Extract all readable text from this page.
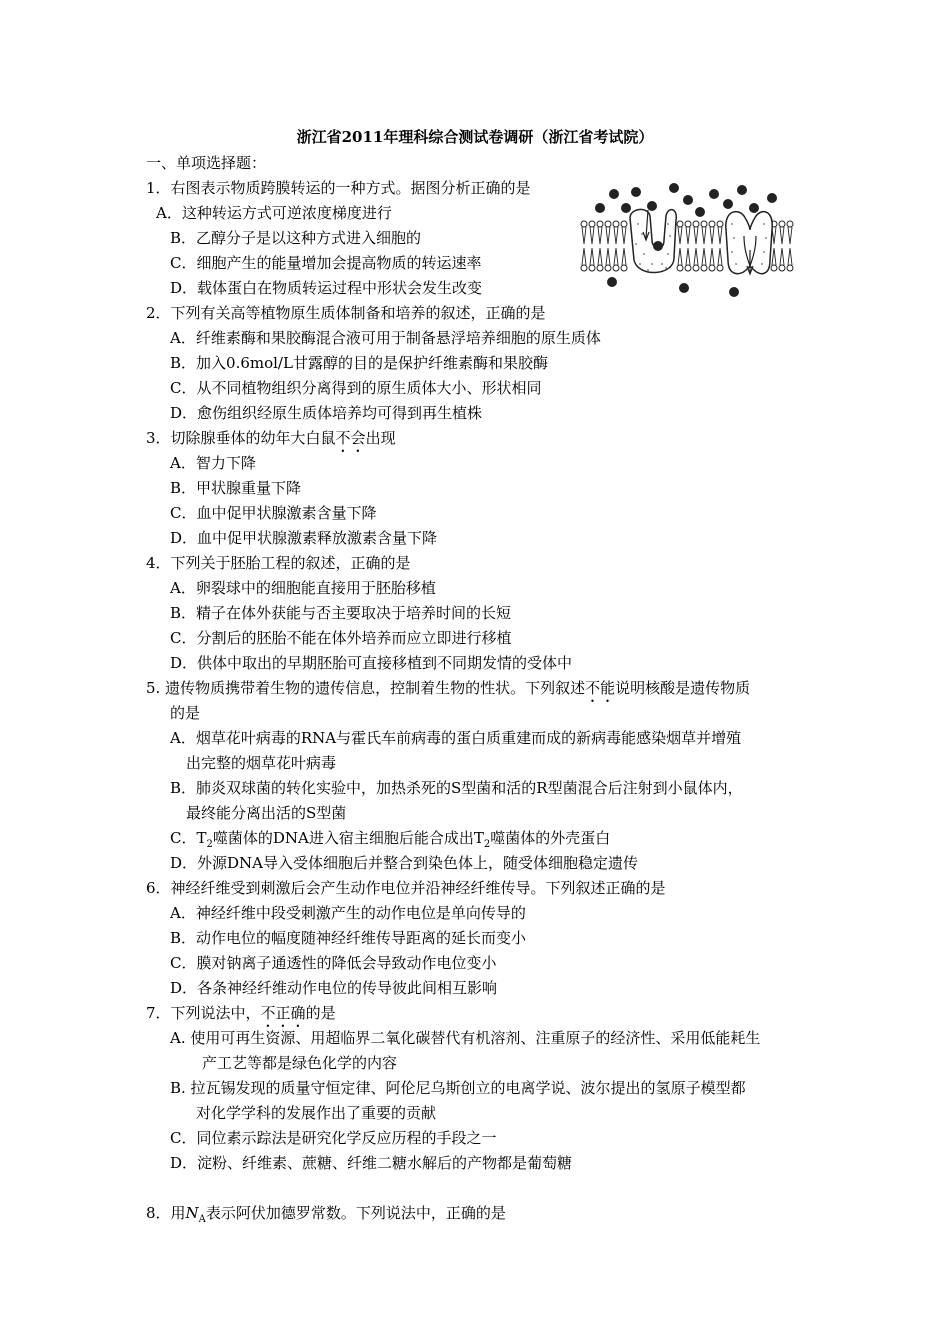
浙江省2011年理科综合测试卷调研（浙江省考试院）
一、单项选择题：
1．右图表示物质跨膜转运的一种方式。据图分析正确的是
A．这种转运方式可逆浓度梯度进行
B．乙醇分子是以这种方式进入细胞的
C．细胞产生的能量增加会提高物质的转运速率
D．载体蛋白在物质转运过程中形状会发生改变
2．下列有关高等植物原生质体制备和培养的叙述，正确的是
A．纤维素酶和果胶酶混合液可用于制备悬浮培养细胞的原生质体
B．加入0.6mol/L甘露醇的目的是保护纤维素酶和果胶酶
C．从不同植物组织分离得到的原生质体大小、形状相同
D．愈伤组织经原生质体培养均可得到再生植株
3．切除腺垂体的幼年大白鼠不会出现
A．智力下降
B．甲状腺重量下降
C．血中促甲状腺激素含量下降
D．血中促甲状腺激素释放激素含量下降
4．下列关于胚胎工程的叙述，正确的是
A．卵裂球中的细胞能直接用于胚胎移植
B．精子在体外获能与否主要取决于培养时间的长短
C．分割后的胚胎不能在体外培养而应立即进行移植
D．供体中取出的早期胚胎可直接移植到不同期发情的受体中
5. 遗传物质携带着生物的遗传信息，控制着生物的性状。下列叙述不能说明核酸是遗传物质
的是
A．烟草花叶病毒的RNA与霍氏车前病毒的蛋白质重建而成的新病毒能感染烟草并增殖
出完整的烟草花叶病毒
B．肺炎双球菌的转化实验中，加热杀死的S型菌和活的R型菌混合后注射到小鼠体内，
最终能分离出活的S型菌
C．$T_2$噬菌体的DNA进入宿主细胞后能合成出$T_2$噬菌体的外壳蛋白
D．外源DNA导入受体细胞后并整合到染色体上，随受体细胞稳定遗传
6．神经纤维受到刺激后会产生动作电位并沿神经纤维传导。下列叙述正确的是
A．神经纤维中段受刺激产生的动作电位是单向传导的
B．动作电位的幅度随神经纤维传导距离的延长而变小
C．膜对钠离子通透性的降低会导致动作电位变小
D．各条神经纤维动作电位的传导彼此间相互影响
7．下列说法中，不正确的是
A. 使用可再生资源、用超临界二氧化碳替代有机溶剂、注重原子的经济性、采用低能耗生
产工艺等都是绿色化学的内容
B. 拉瓦锡发现的质量守恒定律、阿伦尼乌斯创立的电离学说、波尔提出的氢原子模型都
对化学学科的发展作出了重要的贡献
C．同位素示踪法是研究化学反应历程的手段之一
D．淀粉、纤维素、蔗糖、纤维二糖水解后的产物都是葡萄糖
8．用$N_A$表示阿伏加德罗常数。下列说法中，正确的是
